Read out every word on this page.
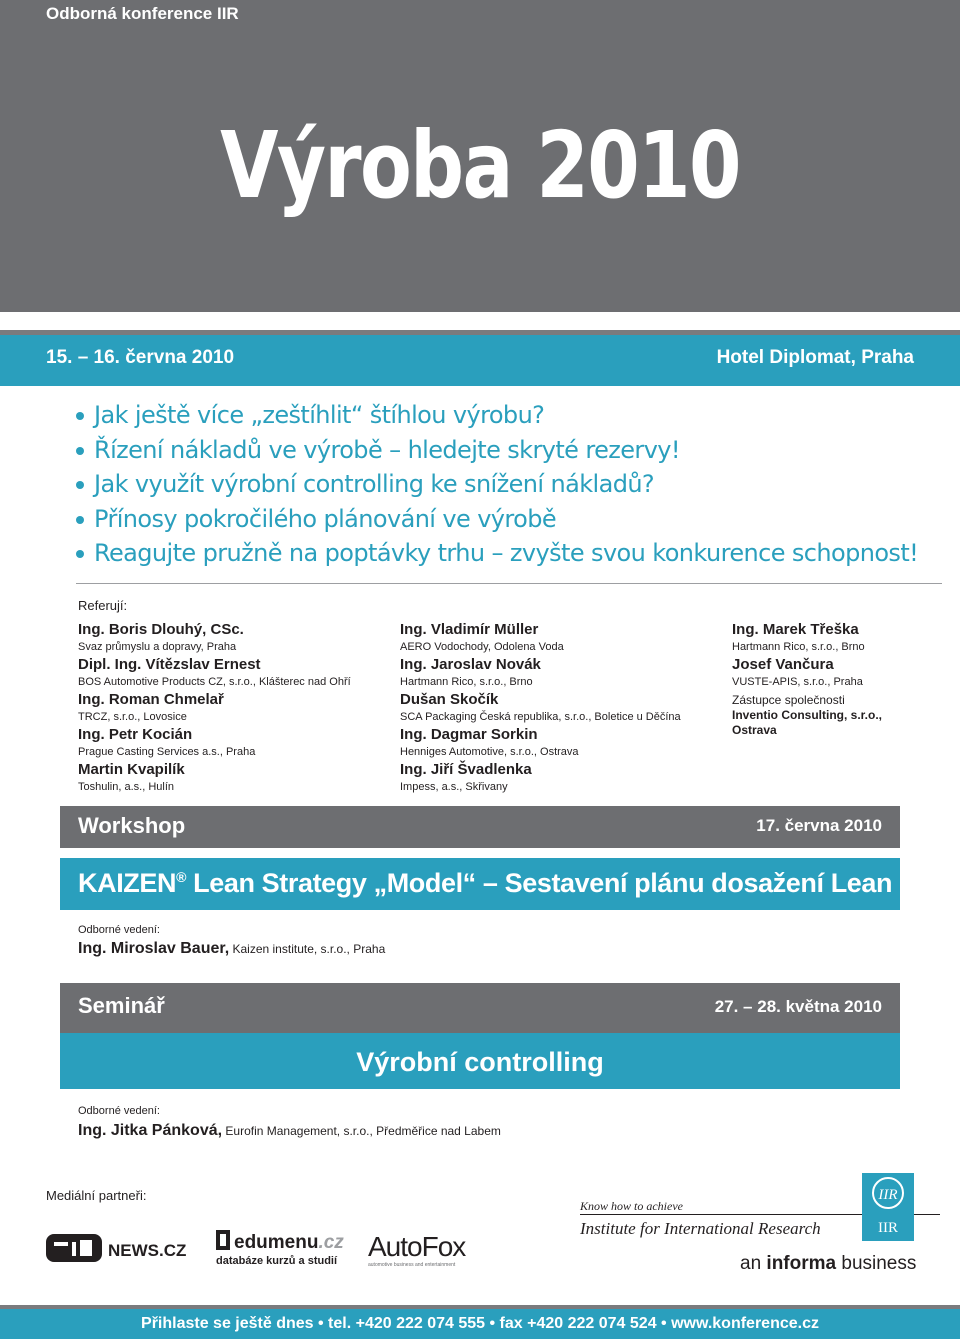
Odborná konference IIR
Výroba 2010
15. – 16. června 2010	Hotel Diplomat, Praha
Jak ještě více „zeštíhlit“ štíhlou výrobu?
Řízení nákladů ve výrobě – hledejte skryté rezervy!
Jak využít výrobní controlling ke snížení nákladů?
Přínosy pokročilého plánování ve výrobě
Reagujte pružně na poptávky trhu – zvyšte svou konkurence schopnost!
Referují:
Ing. Boris Dlouhý, CSc.
Svaz průmyslu a dopravy, Praha
Dipl. Ing. Vítězslav Ernest
BOS Automotive Products CZ, s.r.o., Klášterec nad Ohří
Ing. Roman Chmelař
TRCZ, s.r.o., Lovosice
Ing. Petr Kocián
Prague Casting Services a.s., Praha
Martin Kvapilík
Toshulin, a.s., Hulín
Ing. Vladimír Müller
AERO Vodochody, Odolena Voda
Ing. Jaroslav Novák
Hartmann Rico, s.r.o., Brno
Dušan Skočík
SCA Packaging Česká republika, s.r.o., Boletice u Děčína
Ing. Dagmar Sorkin
Henniges Automotive, s.r.o., Ostrava
Ing. Jiří Švadlenka
Impess, a.s., Skřivany
Ing. Marek Třeška
Hartmann Rico, s.r.o., Brno
Josef Vančura
VUSTE-APIS, s.r.o., Praha
Zástupce společnosti
Inventio Consulting, s.r.o.,
Ostrava
Workshop	17. června 2010
KAIZEN® Lean Strategy „Model“ – Sestavení plánu dosažení Lean
Odborné vedení:
Ing. Miroslav Bauer, Kaizen institute, s.r.o., Praha
Seminář	27. – 28. května 2010
Výrobní controlling
Odborné vedení:
Ing. Jitka Pánková, Eurofin Management, s.r.o., Předměřice nad Labem
Mediální partneři:
NEWS.CZ	edumenu.cz
databáze kurzů a studií AutoFox
automotive business and entertainment
Know how to achieve
Institute for International Research
IIR
IIR
an informa business
Přihlaste se ještě dnes • tel. +420 222 074 555 • fax +420 222 074 524 • www.konference.cz
